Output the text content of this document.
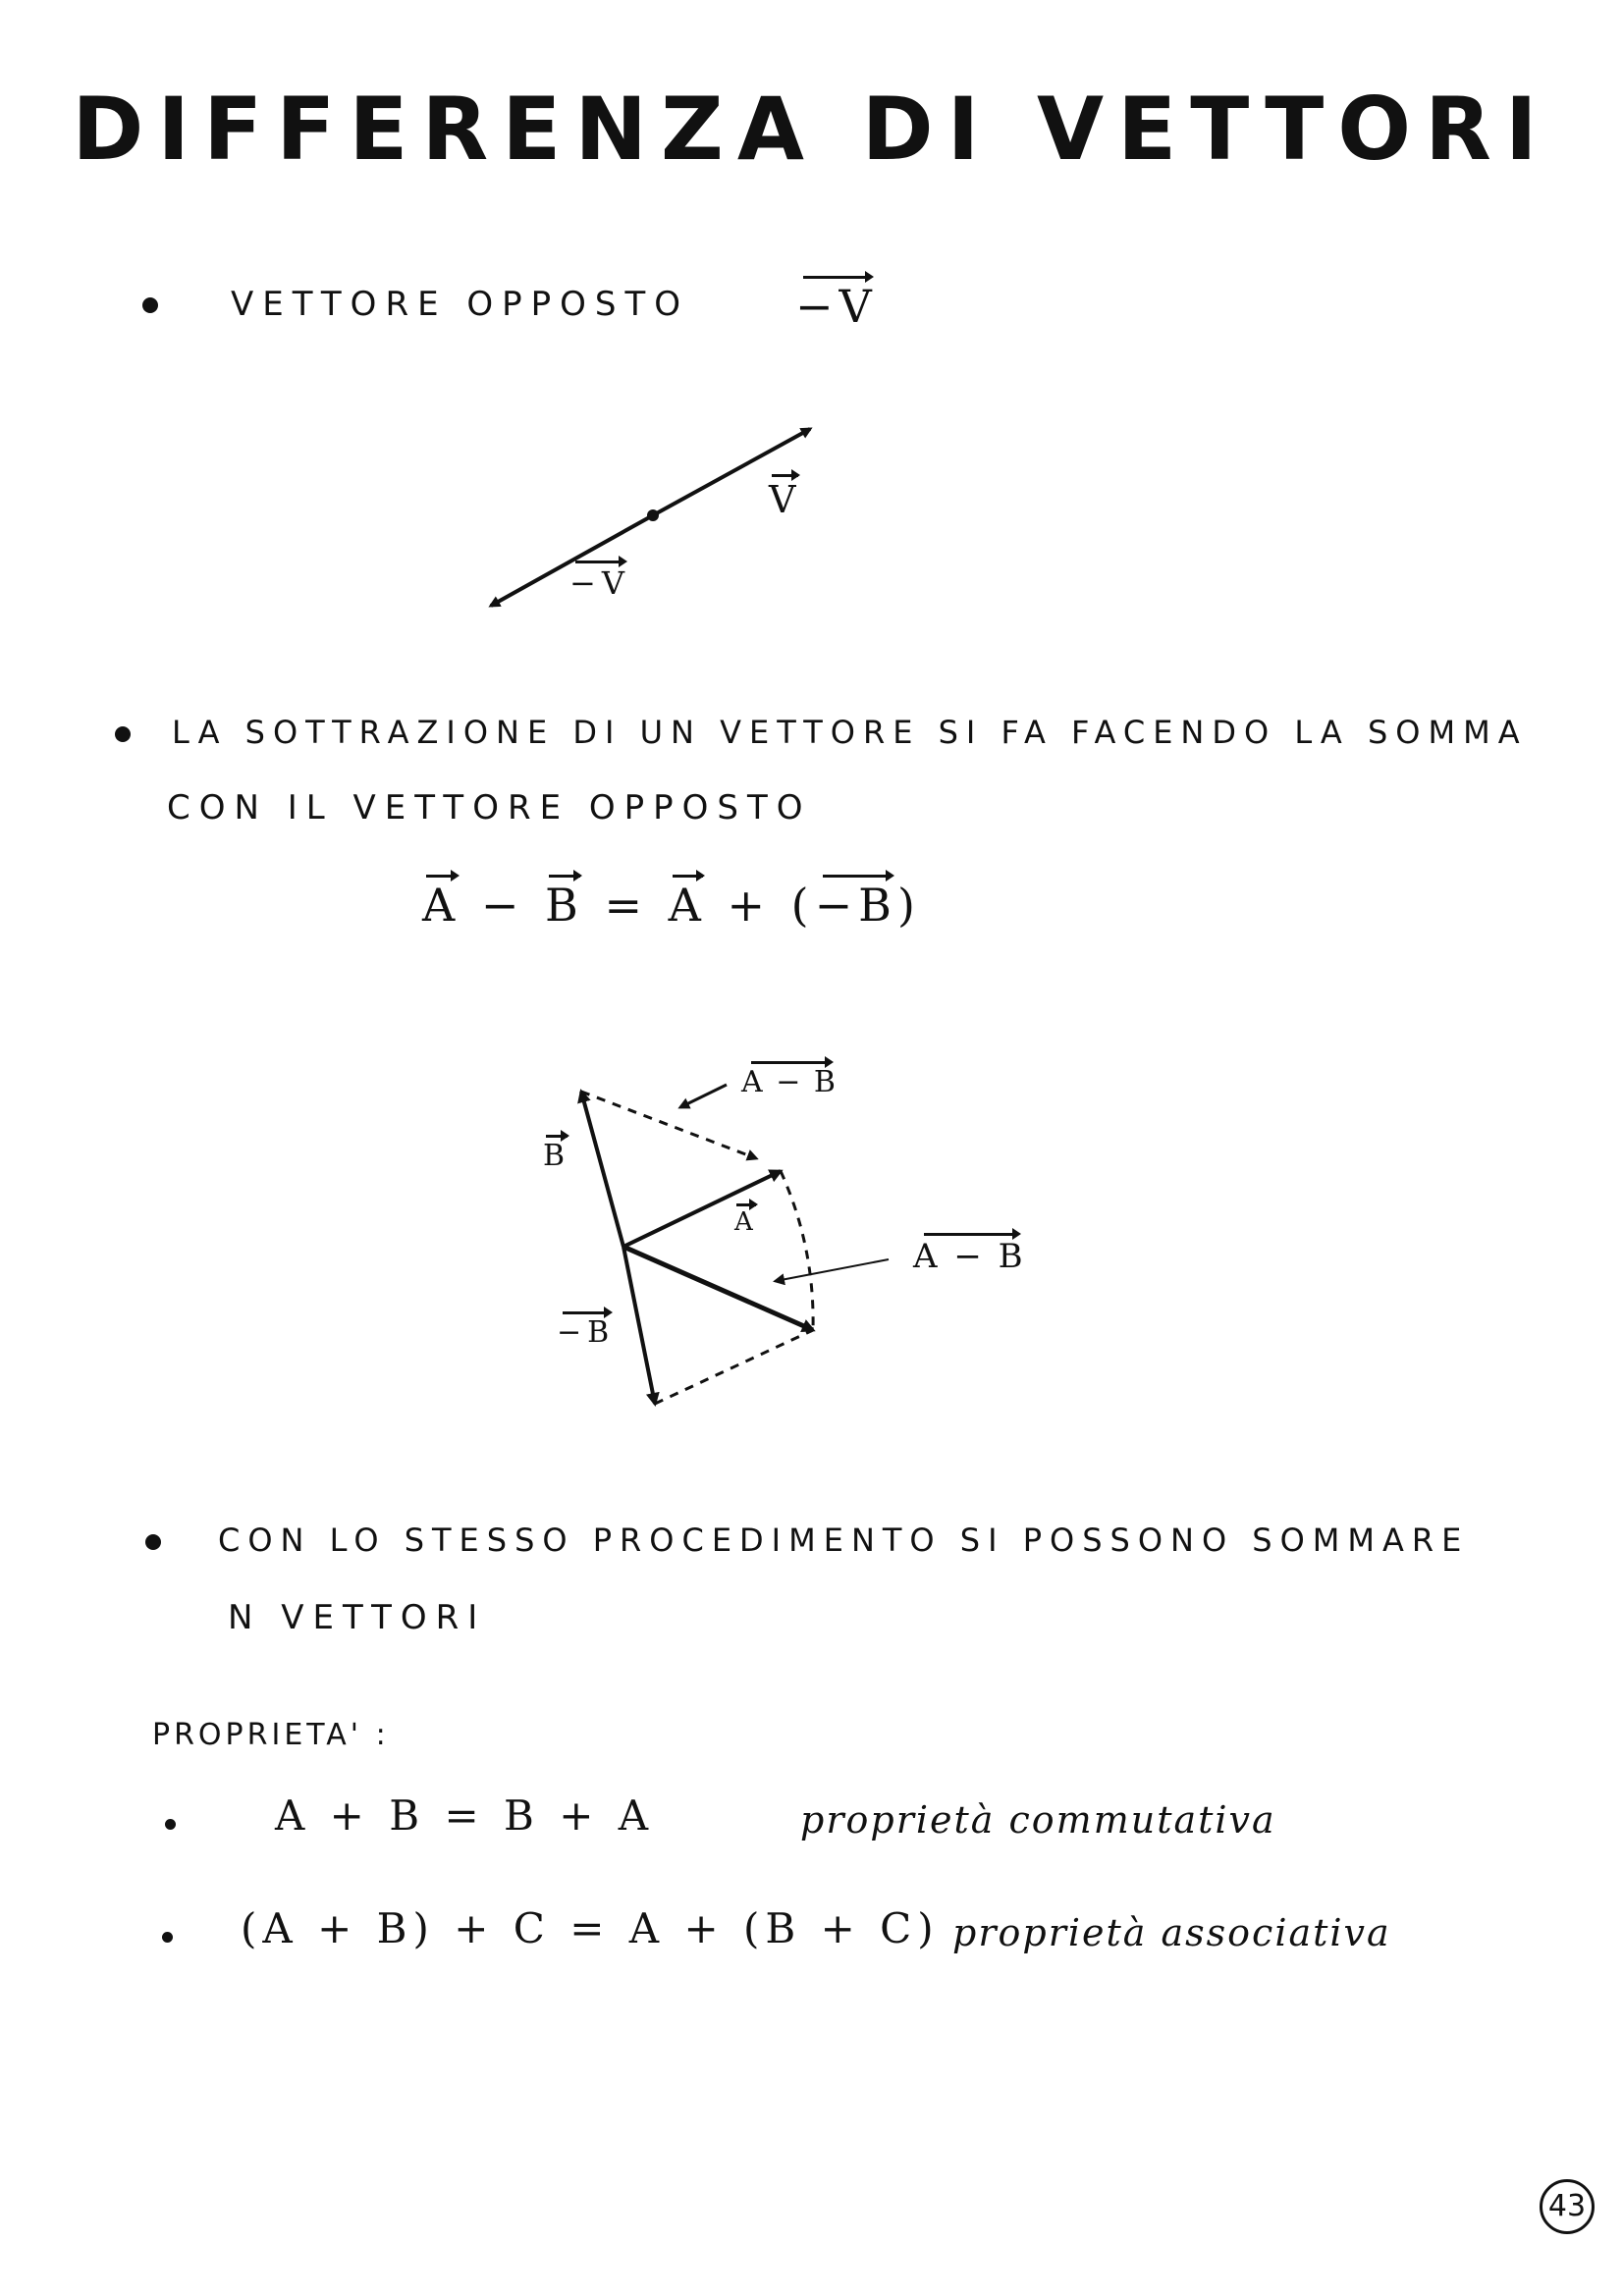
DIFFERENZA DI VETTORI
VETTORE OPPOSTO −V
V
−V
LA SOTTRAZIONE DI UN VETTORE SI FA FACENDO LA SOMMA
CON IL VETTORE OPPOSTO
A − B = A + (−B)
B
A
−B
A − B
A − B
CON LO STESSO PROCEDIMENTO SI POSSONO SOMMARE
N VETTORI
PROPRIETA' :
A + B = B + A	proprietà commutativa
(A + B) + C = A + (B + C) proprietà associativa
43
